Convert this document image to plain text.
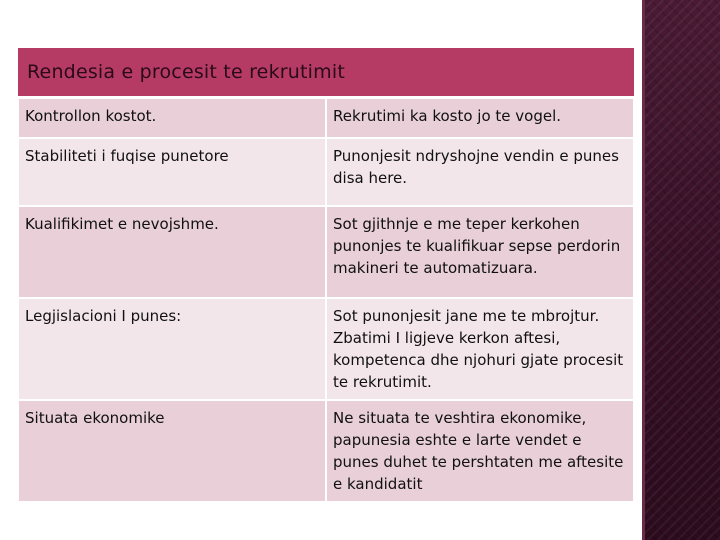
Rendesia e procesit te rekrutimit	
Kontrollon kostot.	Rekrutimi ka kosto jo te vogel.
Stabiliteti i fuqise punetore	Punonjesit ndryshojne vendin e punes disa here.
Kualifikimet e nevojshme.	Sot gjithnje e me teper kerkohen punonjes te kualifikuar sepse perdorin makineri te automatizuara.
Legjislacioni I punes:	Sot punonjesit jane me te mbrojtur. Zbatimi I ligjeve kerkon aftesi, kompetenca dhe njohuri gjate procesit te rekrutimit.
Situata ekonomike	Ne situata te veshtira ekonomike, papunesia eshte e larte vendet e punes duhet te pershtaten me aftesite e kandidatit
